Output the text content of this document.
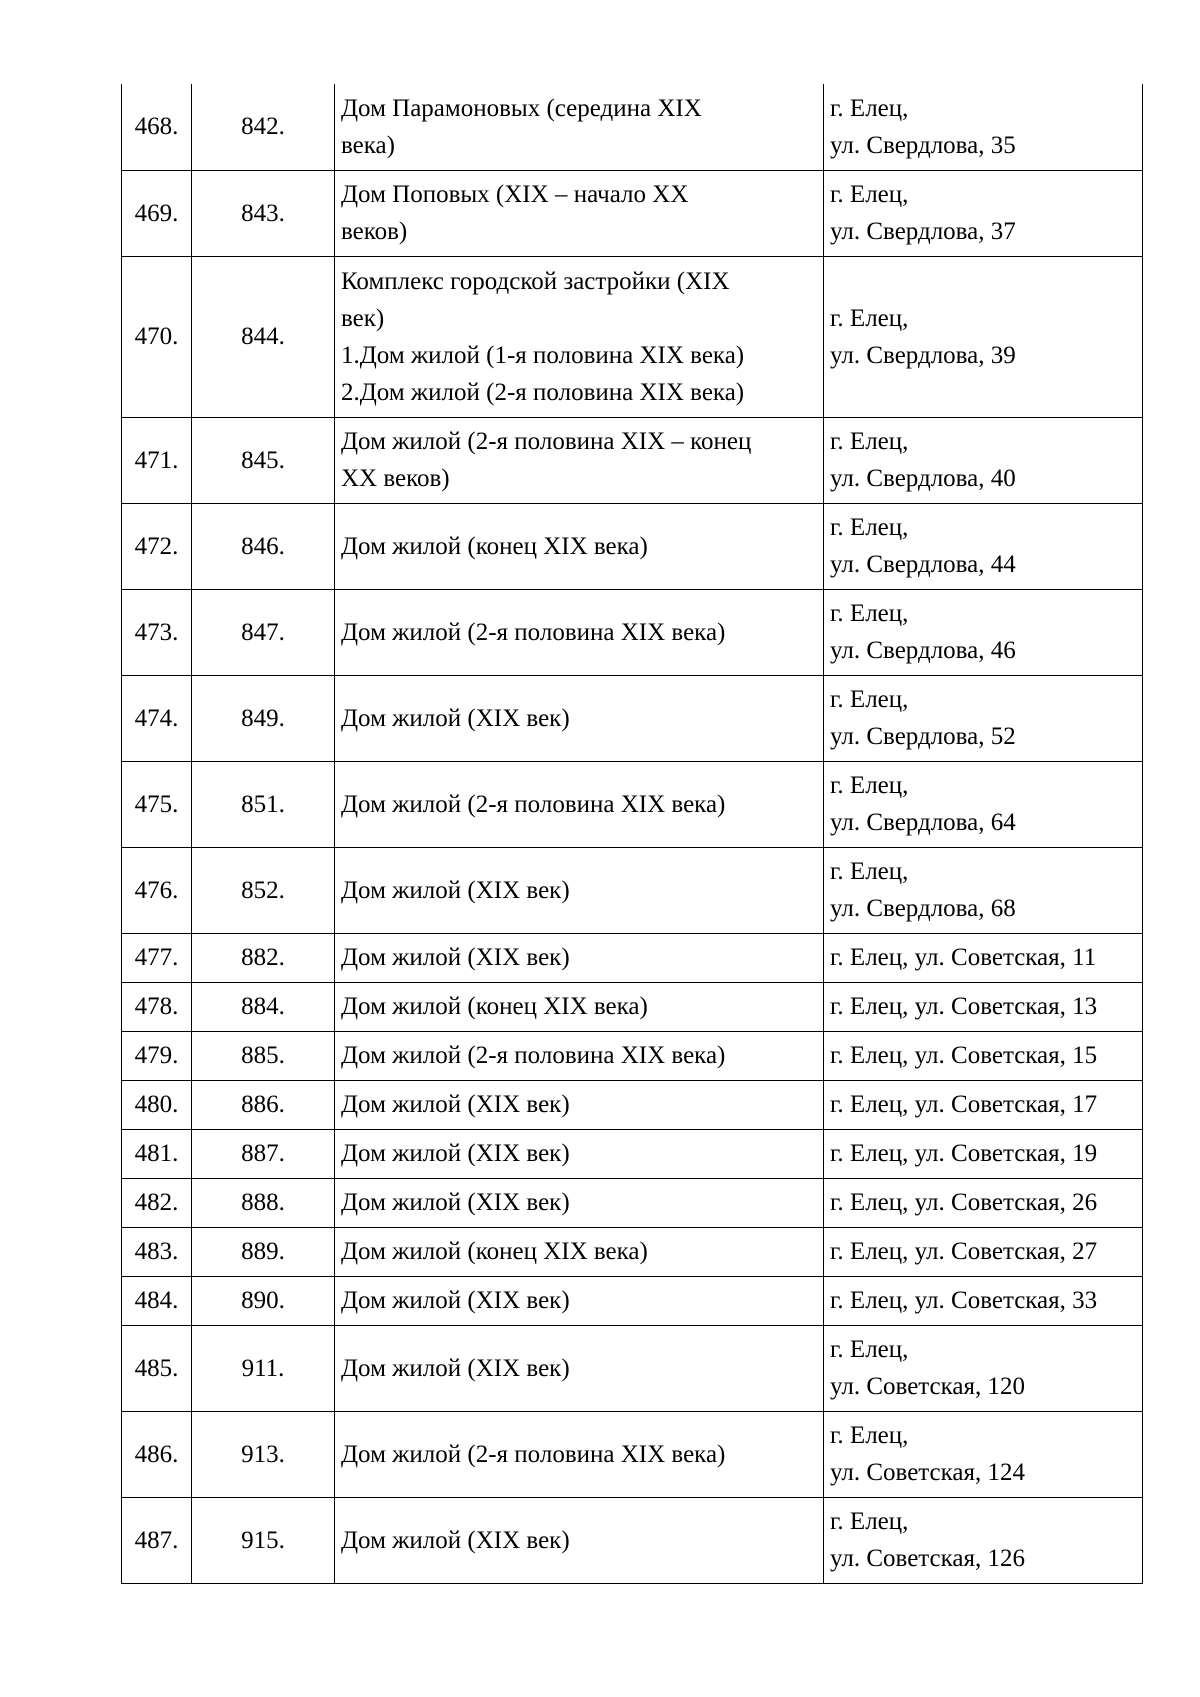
468.	842.	Дом Парамоновых (середина XIX
века)	г. Елец,
ул. Свердлова, 35

469.	843.	Дом Поповых (XIX – начало XX
веков)	г. Елец,
ул. Свердлова, 37

470.	844.	Комплекс городской застройки (XIX
век)
1.Дом жилой (1-я половина XIX века)
2.Дом жилой (2-я половина XIX века)	г. Елец,
ул. Свердлова, 39

471.	845.	Дом жилой (2-я половина XIX – конец
XX веков)	г. Елец,
ул. Свердлова, 40

472.	846.	Дом жилой (конец XIX века)	г. Елец,
ул. Свердлова, 44

473.	847.	Дом жилой (2-я половина XIX века)	г. Елец,
ул. Свердлова, 46

474.	849.	Дом жилой (XIX век)	г. Елец,
ул. Свердлова, 52

475.	851.	Дом жилой (2-я половина XIX века)	г. Елец,
ул. Свердлова, 64

476.	852.	Дом жилой (XIX век)	г. Елец,
ул. Свердлова, 68

477.	882.	Дом жилой (XIX век)	г. Елец, ул. Советская, 11

478.	884.	Дом жилой (конец XIX века)	г. Елец, ул. Советская, 13

479.	885.	Дом жилой (2-я половина XIX века)	г. Елец, ул. Советская, 15

480.	886.	Дом жилой (XIX век)	г. Елец, ул. Советская, 17

481.	887.	Дом жилой (XIX век)	г. Елец, ул. Советская, 19

482.	888.	Дом жилой (XIX век)	г. Елец, ул. Советская, 26

483.	889.	Дом жилой (конец XIX века)	г. Елец, ул. Советская, 27

484.	890.	Дом жилой (XIX век)	г. Елец, ул. Советская, 33

485.	911.	Дом жилой (XIX век)	г. Елец,
ул. Советская, 120

486.	913.	Дом жилой (2-я половина XIX века)	г. Елец,
ул. Советская, 124

487.	915.	Дом жилой (XIX век)	г. Елец,
ул. Советская, 126
